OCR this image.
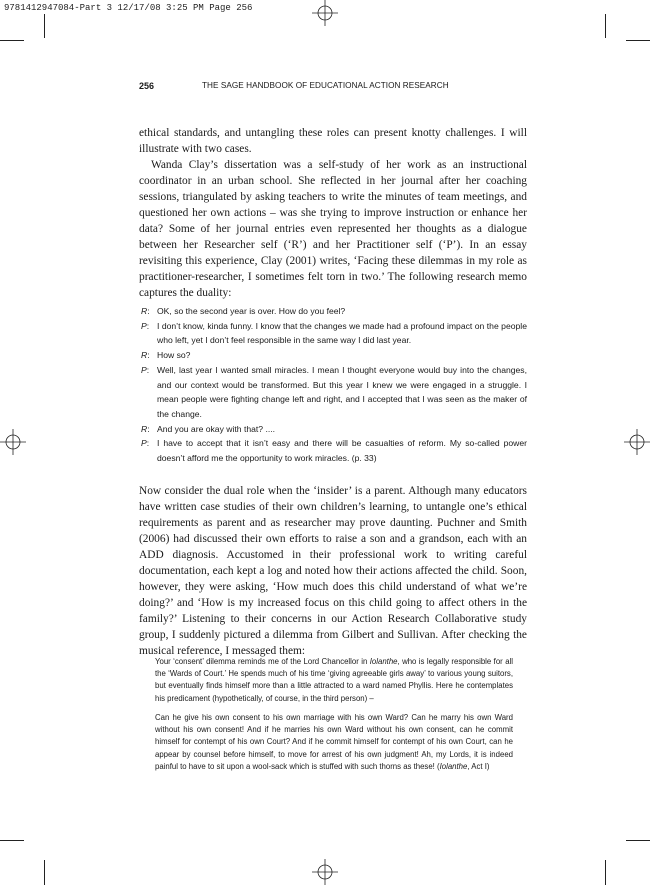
9781412947084-Part 3 12/17/08 3:25 PM Page 256
256	THE SAGE HANDBOOK OF EDUCATIONAL ACTION RESEARCH

ethical standards, and untangling these roles can present knotty challenges. I will illustrate with two cases.

Wanda Clay’s dissertation was a self-study of her work as an instructional coordinator in an urban school. She reflected in her journal after her coaching sessions, triangulated by asking teachers to write the minutes of team meetings, and questioned her own actions – was she trying to improve instruction or enhance her data? Some of her journal entries even represented her thoughts as a dialogue between her Researcher self (‘R’) and her Practitioner self (‘P’). In an essay revisiting this experience, Clay (2001) writes, ‘Facing these dilemmas in my role as practitioner-researcher, I sometimes felt torn in two.’ The following research memo captures the duality:

R: OK, so the second year is over. How do you feel?
P: I don’t know, kinda funny. I know that the changes we made had a profound impact on the people who left, yet I don’t feel responsible in the same way I did last year.
R: How so?
P: Well, last year I wanted small miracles. I mean I thought everyone would buy into the changes, and our context would be transformed. But this year I knew we were engaged in a struggle. I mean people were fighting change left and right, and I accepted that I was seen as the maker of the change.
R: And you are okay with that? ....
P: I have to accept that it isn’t easy and there will be casualties of reform. My so-called power doesn’t afford me the opportunity to work miracles. (p. 33)

Now consider the dual role when the ‘insider’ is a parent. Although many educators have written case studies of their own children’s learning, to untangle one’s ethical requirements as parent and as researcher may prove daunting. Puchner and Smith (2006) had discussed their own efforts to raise a son and a grandson, each with an ADD diagnosis. Accustomed in their professional work to writing careful documentation, each kept a log and noted how their actions affected the child. Soon, however, they were asking, ‘How much does this child understand of what we’re doing?’ and ‘How is my increased focus on this child going to affect others in the family?’ Listening to their concerns in our Action Research Collaborative study group, I suddenly pictured a dilemma from Gilbert and Sullivan. After checking the musical reference, I messaged them:

Your ‘consent’ dilemma reminds me of the Lord Chancellor in Iolanthe, who is legally responsible for all the ‘Wards of Court.’ He spends much of his time ‘giving agreeable girls away’ to various young suitors, but eventually finds himself more than a little attracted to a ward named Phyllis. Here he contemplates his predicament (hypothetically, of course, in the third person) –

Can he give his own consent to his own marriage with his own Ward? Can he marry his own Ward without his own consent! And if he marries his own Ward without his own consent, can he commit himself for contempt of his own Court? And if he commit himself for contempt of his own Court, can he appear by counsel before himself, to move for arrest of his own judgment! Ah, my Lords, it is indeed painful to have to sit upon a wool-sack which is stuffed with such thorns as these! (Iolanthe, Act I)
